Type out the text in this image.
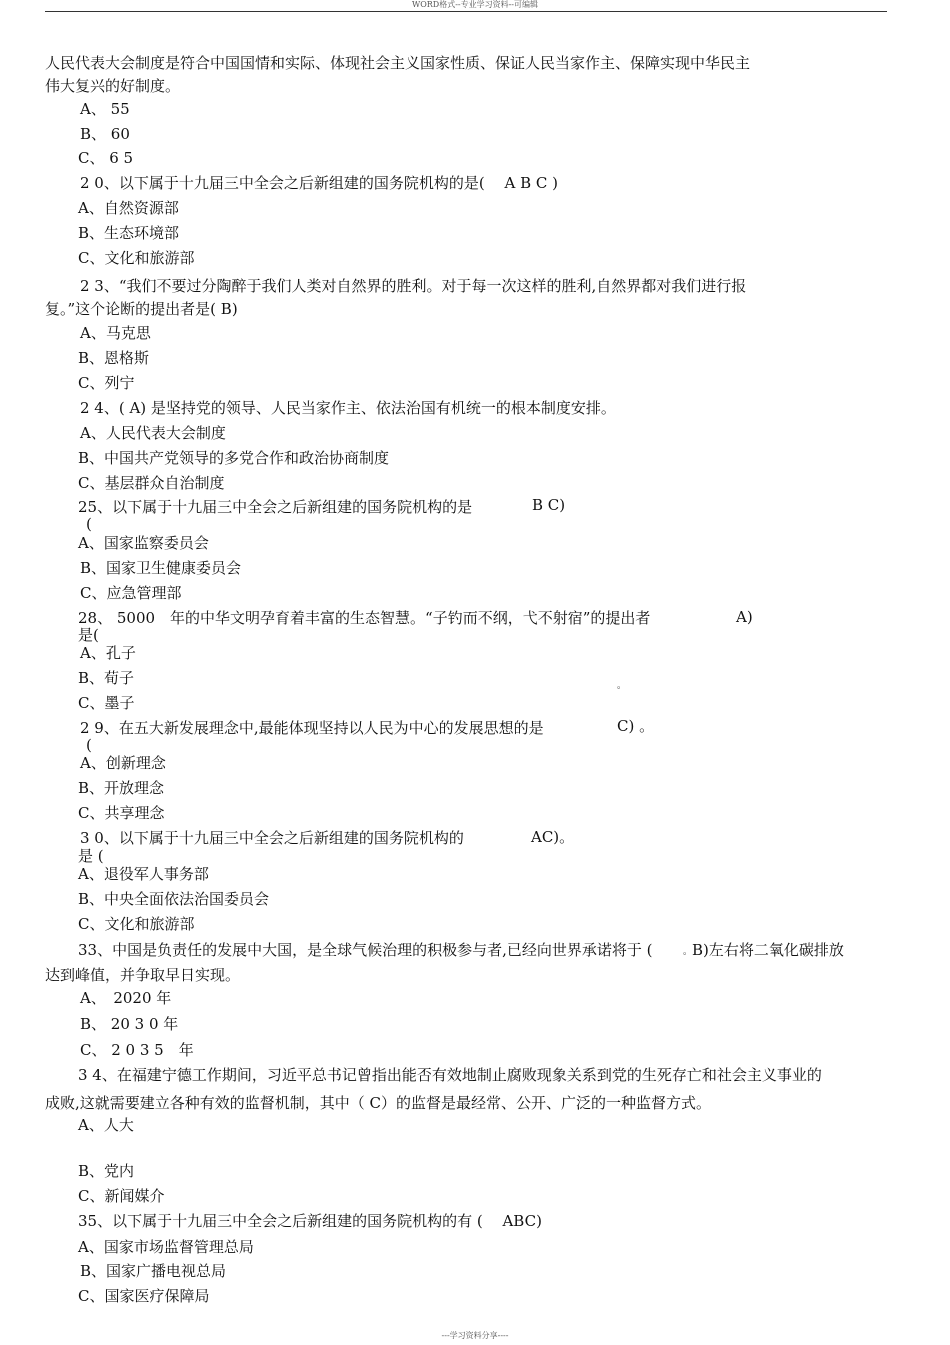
WORD格式--专业学习资料--可编辑
人民代表大会制度是符合中国国情和实际、体现社会主义国家性质、保证人民当家作主、保障实现中华民主
伟大复兴的好制度。
A、 55
B、 60
C、 6 5
2 0、以下属于十九届三中全会之后新组建的国务院机构的是(　 A B C )
A、自然资源部
B、生态环境部
C、文化和旅游部
2 3、“我们不要过分陶醉于我们人类对自然界的胜利。对于每一次这样的胜利,自然界都对我们进行报
复。”这个论断的提出者是( B)
A、马克思
B、恩格斯
C、列宁
2 4、( A) 是坚持党的领导、人民当家作主、依法治国有机统一的根本制度安排。
A、人民代表大会制度
B、中国共产党领导的多党合作和政治协商制度
C、基层群众自治制度
25、以下属于十九届三中全会之后新组建的国务院机构的是	B C)
(
A、国家监察委员会
B、国家卫生健康委员会
C、应急管理部
28、 5000　年的中华文明孕育着丰富的生态智慧。“子钓而不纲，弋不射宿”的提出者	A)
是(
A、孔子
B、荀子	。
C、墨子
2 9、在五大新发展理念中,最能体现坚持以人民为中心的发展思想的是	C) 。
(
A、创新理念
B、开放理念
C、共享理念
3 0、以下属于十九届三中全会之后新组建的国务院机构的	AC)。
是 (
A、退役军人事务部
B、中央全面依法治国委员会
C、文化和旅游部
33、中国是负责任的发展中大国，是全球气候治理的积极参与者,已经向世界承诺将于 (	。 B)左右将二氧化碳排放
达到峰值，并争取早日实现。
A、　2020 年
B、 20 3 0 年
C、 2 0 3 5　年
3 4、在福建宁德工作期间，习近平总书记曾指出能否有效地制止腐败现象关系到党的生死存亡和社会主义事业的
成败,这就需要建立各种有效的监督机制，其中（ C）的监督是最经常、公开、广泛的一种监督方式。
A、人大
B、党内
C、新闻媒介
35、以下属于十九届三中全会之后新组建的国务院机构的有 (　 ABC)
A、国家市场监督管理总局
B、国家广播电视总局
C、国家医疗保障局
---学习资料分享----
